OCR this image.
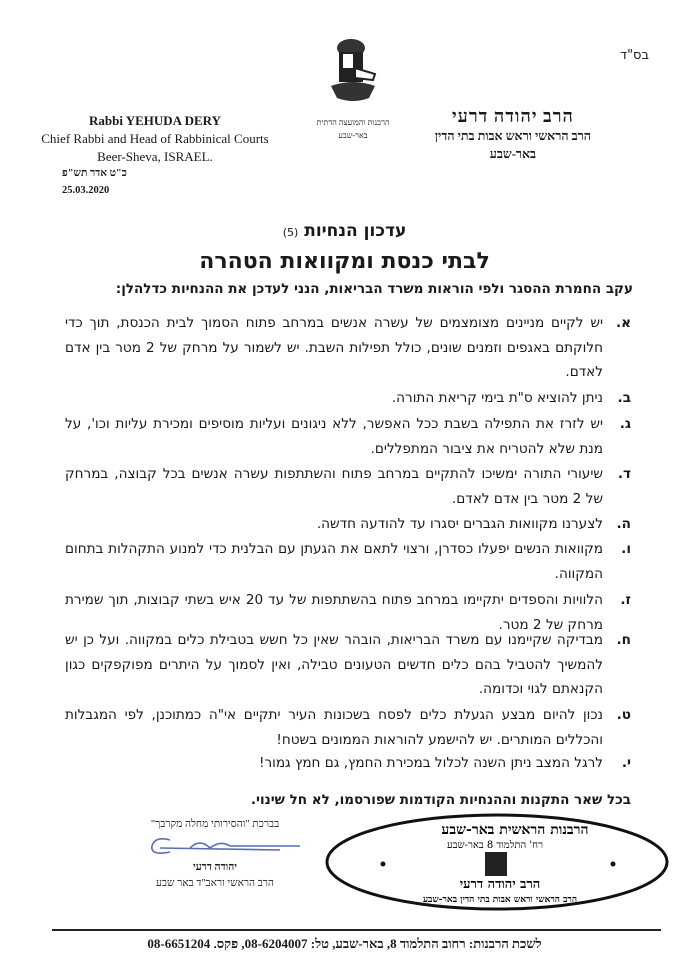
בס"ד
הרבנות והמועצה הדתית
באר-שבע
הרב יהודה דרעי
הרב הראשי וראש אבות בתי הדין
באר-שבע
Rabbi YEHUDA DERY
Chief Rabbi and Head of Rabbinical Courts
Beer-Sheva, ISRAEL.
כ"ט אדר תש"פ
25.03.2020
עדכון הנחיות (5)
לבתי כנסת ומקוואות הטהרה
עקב החמרת ההסגר ולפי הוראות משרד הבריאות, הנני לעדכן את ההנחיות כדלהלן:
א.
יש לקיים מניינים מצומצמים של עשרה אנשים במרחב פתוח הסמוך לבית הכנסת, תוך כדי חלוקתם באגפים וזמנים שונים, כולל תפילות השבת. יש לשמור על מרחק של 2 מטר בין אדם לאדם.
ב.
ניתן להוציא ס"ת בימי קריאת התורה.
ג.
יש לזרז את התפילה בשבת ככל האפשר, ללא ניגונים ועליות מוסיפים ומכירת עליות וכו', על מנת שלא להטריח את ציבור המתפללים.
ד.
שיעורי התורה ימשיכו להתקיים במרחב פתוח והשתתפות עשרה אנשים בכל קבוצה, במרחק של 2 מטר בין אדם לאדם.
ה.
לצערנו מקוואות הגברים יסגרו עד להודעה חדשה.
ו.
מקוואות הנשים יפעלו כסדרן, ורצוי לתאם את הגעתן עם הבלנית כדי למנוע התקהלות בתחום המקווה.
ז.
הלוויות והספדים יתקיימו במרחב פתוח בהשתתפות של עד 20 איש בשתי קבוצות, תוך שמירת מרחק של 2 מטר.
ח.
מבדיקה שקיימנו עם משרד הבריאות, הובהר שאין כל חשש בטבילת כלים במקווה. ועל כן יש להמשיך להטביל בהם כלים חדשים הטעונים טבילה, ואין לסמוך על היתרים מפוקפקים כגון הקנאתם לגוי וכדומה.
ט.
נכון להיום מבצע הגעלת כלים לפסח בשכונות העיר יתקיים אי"ה כמתוכנן, לפי המגבלות והכללים המותרים. יש להישמע להוראות הממונים בשטח!
י.
לרגל המצב ניתן השנה לכלול במכירת החמץ, גם חמץ גמור!
בכל שאר התקנות וההנחיות הקודמות שפורסמו, לא חל שינוי.
בברכת "והסירותי מחלה מקרבך"
יהודה דרעי
הרב הראשי וראב"ד באר שבע
הרבנות הראשית באר-שבע
רח' התלמוד 8 באר-שבע
הרב יהודה דרעי
הרב הראשי וראש אבות בתי הדין באר-שבע
לשכת הרבנות: רחוב התלמוד 8, באר-שבע, טל: 08-6204007, פקס. 08-6651204
